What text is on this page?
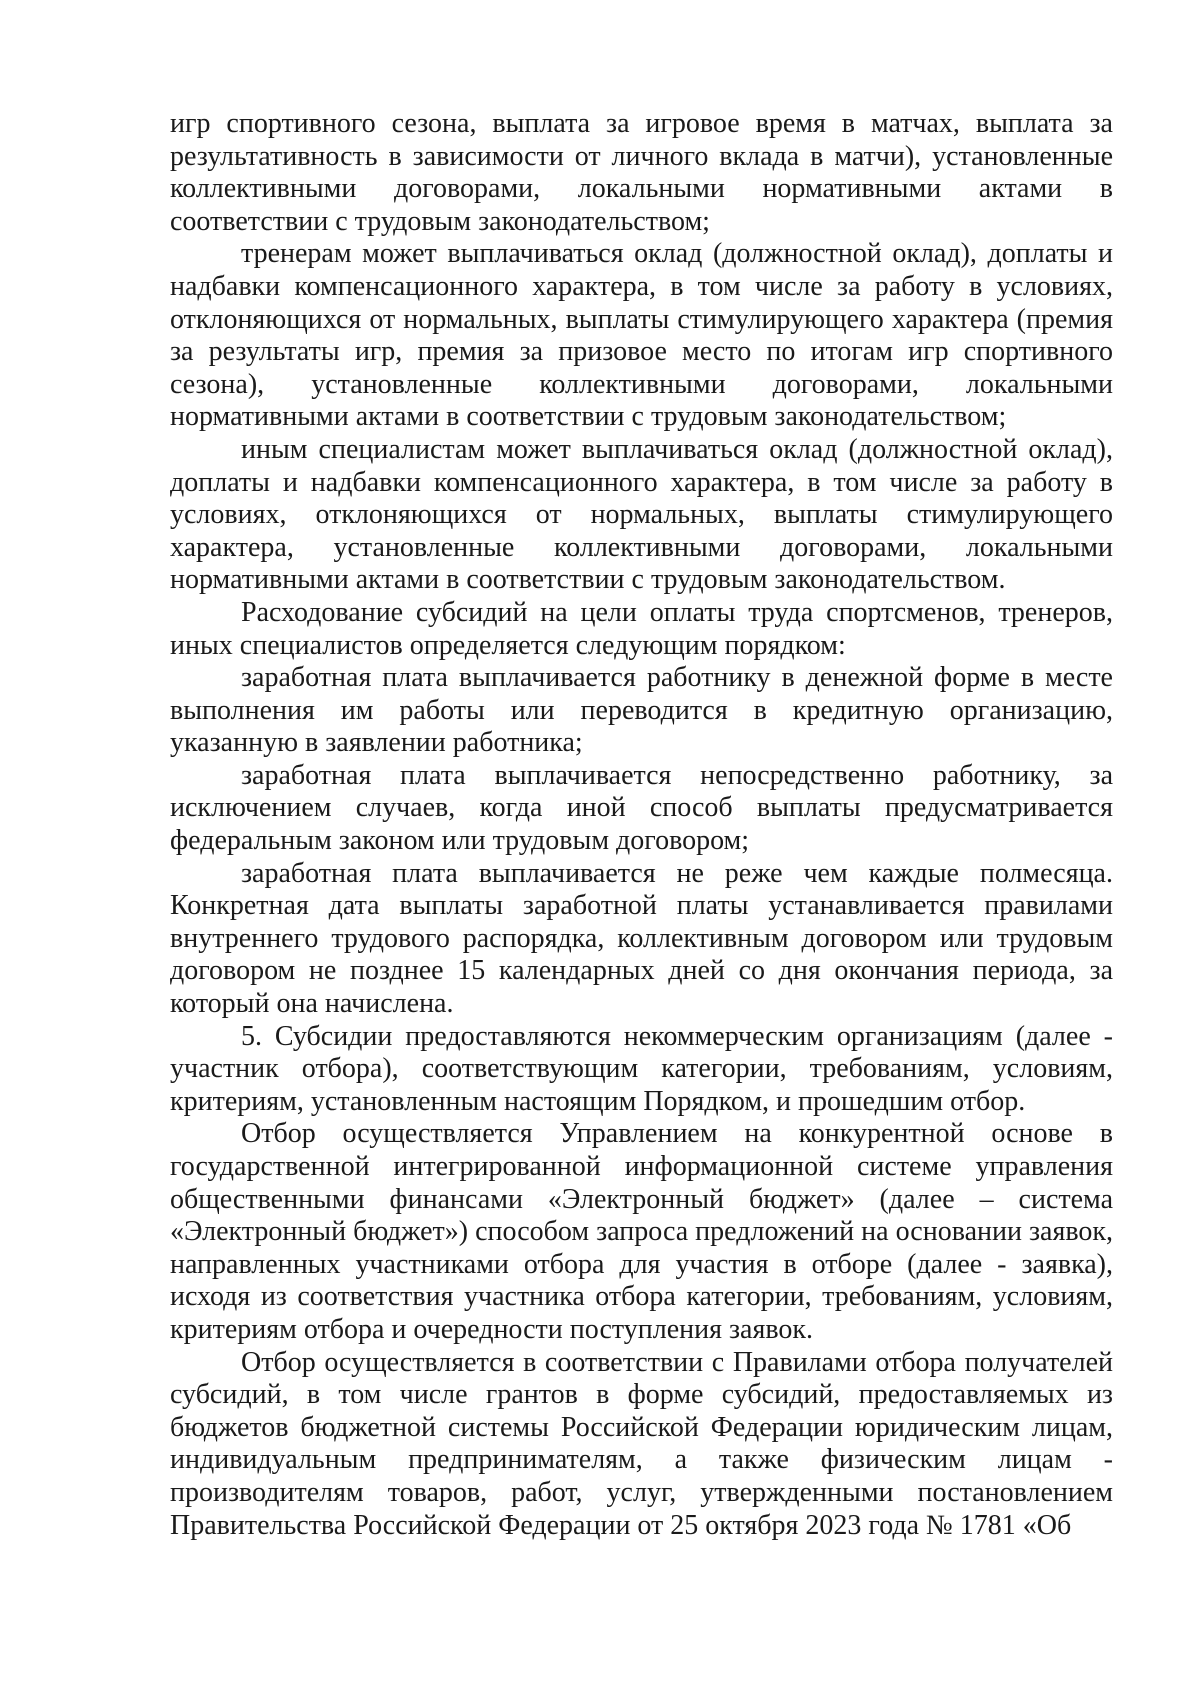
игр спортивного сезона, выплата за игровое время в матчах, выплата за результативность в зависимости от личного вклада в матчи), установленные коллективными договорами, локальными нормативными актами в соответствии с трудовым законодательством;

тренерам может выплачиваться оклад (должностной оклад), доплаты и надбавки компенсационного характера, в том числе за работу в условиях, отклоняющихся от нормальных, выплаты стимулирующего характера (премия за результаты игр, премия за призовое место по итогам игр спортивного сезона), установленные коллективными договорами, локальными нормативными актами в соответствии с трудовым законодательством;

иным специалистам может выплачиваться оклад (должностной оклад), доплаты и надбавки компенсационного характера, в том числе за работу в условиях, отклоняющихся от нормальных, выплаты стимулирующего характера, установленные коллективными договорами, локальными нормативными актами в соответствии с трудовым законодательством.

Расходование субсидий на цели оплаты труда спортсменов, тренеров, иных специалистов определяется следующим порядком:

заработная плата выплачивается работнику в денежной форме в месте выполнения им работы или переводится в кредитную организацию, указанную в заявлении работника;

заработная плата выплачивается непосредственно работнику, за исключением случаев, когда иной способ выплаты предусматривается федеральным законом или трудовым договором;

заработная плата выплачивается не реже чем каждые полмесяца. Конкретная дата выплаты заработной платы устанавливается правилами внутреннего трудового распорядка, коллективным договором или трудовым договором не позднее 15 календарных дней со дня окончания периода, за который она начислена.

5. Субсидии предоставляются некоммерческим организациям (далее - участник отбора), соответствующим категории, требованиям, условиям, критериям, установленным настоящим Порядком, и прошедшим отбор.

Отбор осуществляется Управлением на конкурентной основе в государственной интегрированной информационной системе управления общественными финансами «Электронный бюджет» (далее – система «Электронный бюджет») способом запроса предложений на основании заявок, направленных участниками отбора для участия в отборе (далее - заявка), исходя из соответствия участника отбора категории, требованиям, условиям, критериям отбора и очередности поступления заявок.

Отбор осуществляется в соответствии с Правилами отбора получателей субсидий, в том числе грантов в форме субсидий, предоставляемых из бюджетов бюджетной системы Российской Федерации юридическим лицам, индивидуальным предпринимателям, а также физическим лицам - производителям товаров, работ, услуг, утвержденными постановлением Правительства Российской Федерации от 25 октября 2023 года № 1781 «Об
